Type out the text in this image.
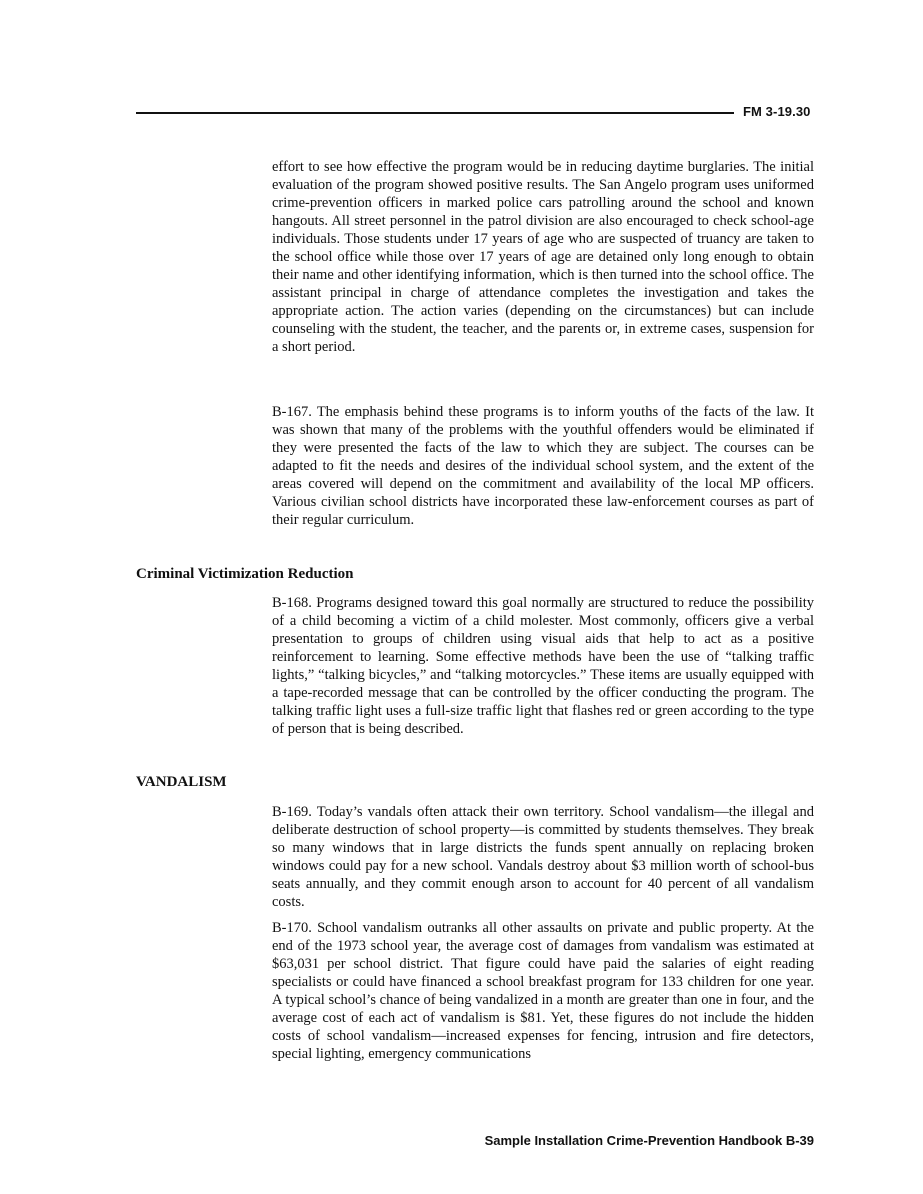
FM 3-19.30

effort to see how effective the program would be in reducing daytime burglaries. The initial evaluation of the program showed positive results. The San Angelo program uses uniformed crime-prevention officers in marked police cars patrolling around the school and known hangouts. All street personnel in the patrol division are also encouraged to check school-age individuals. Those students under 17 years of age who are suspected of truancy are taken to the school office while those over 17 years of age are detained only long enough to obtain their name and other identifying information, which is then turned into the school office. The assistant principal in charge of attendance completes the investigation and takes the appropriate action. The action varies (depending on the circumstances) but can include counseling with the student, the teacher, and the parents or, in extreme cases, suspension for a short period.

B-167. The emphasis behind these programs is to inform youths of the facts of the law. It was shown that many of the problems with the youthful offenders would be eliminated if they were presented the facts of the law to which they are subject. The courses can be adapted to fit the needs and desires of the individual school system, and the extent of the areas covered will depend on the commitment and availability of the local MP officers. Various civilian school districts have incorporated these law-enforcement courses as part of their regular curriculum.

Criminal Victimization Reduction

B-168. Programs designed toward this goal normally are structured to reduce the possibility of a child becoming a victim of a child molester. Most commonly, officers give a verbal presentation to groups of children using visual aids that help to act as a positive reinforcement to learning. Some effective methods have been the use of “talking traffic lights,” “talking bicycles,” and “talking motorcycles.” These items are usually equipped with a tape-recorded message that can be controlled by the officer conducting the program. The talking traffic light uses a full-size traffic light that flashes red or green according to the type of person that is being described.

VANDALISM

B-169. Today’s vandals often attack their own territory. School vandalism—the illegal and deliberate destruction of school property—is committed by students themselves. They break so many windows that in large districts the funds spent annually on replacing broken windows could pay for a new school. Vandals destroy about $3 million worth of school-bus seats annually, and they commit enough arson to account for 40 percent of all vandalism costs.

B-170. School vandalism outranks all other assaults on private and public property. At the end of the 1973 school year, the average cost of damages from vandalism was estimated at $63,031 per school district. That figure could have paid the salaries of eight reading specialists or could have financed a school breakfast program for 133 children for one year. A typical school’s chance of being vandalized in a month are greater than one in four, and the average cost of each act of vandalism is $81. Yet, these figures do not include the hidden costs of school vandalism—increased expenses for fencing, intrusion and fire detectors, special lighting, emergency communications

Sample Installation Crime-Prevention Handbook B-39
